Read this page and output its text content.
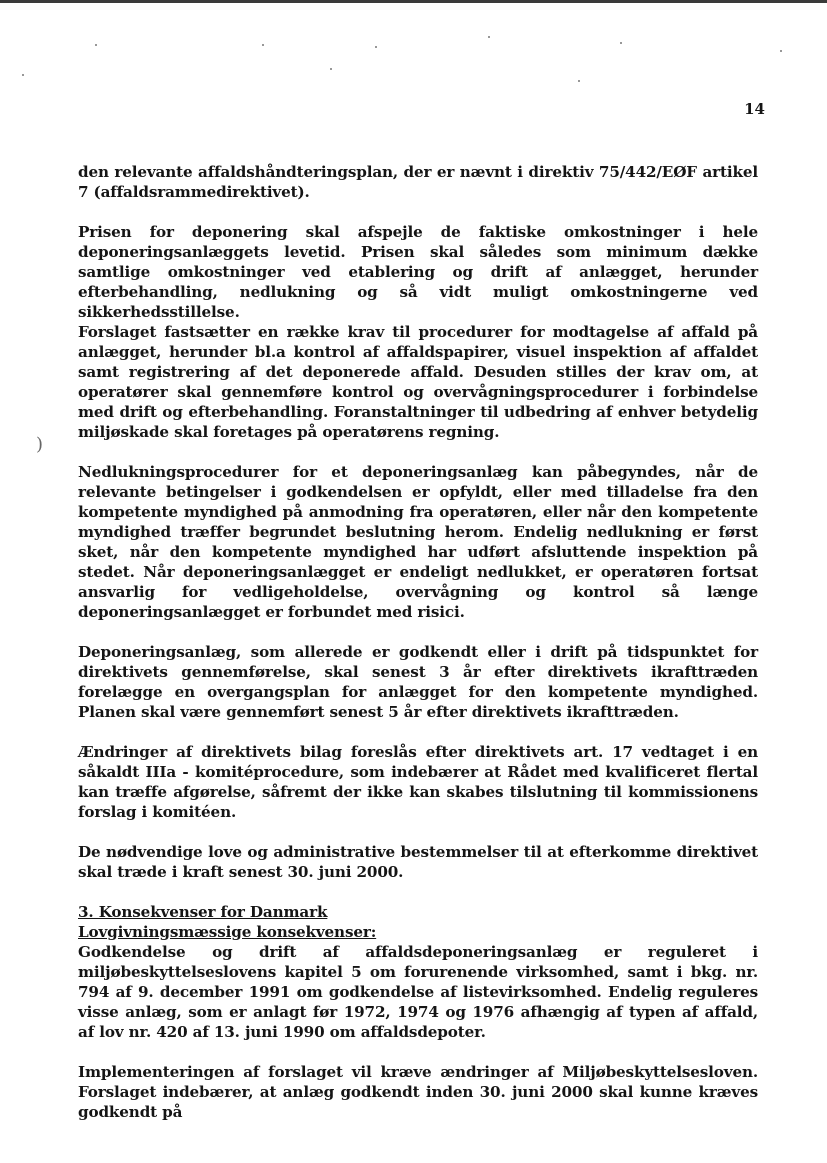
)
14

den relevante affaldshåndteringsplan, der er nævnt i direktiv 75/442/EØF artikel 7 (affaldsrammedirektivet).

Prisen for deponering skal afspejle de faktiske omkostninger i hele deponeringsanlæggets levetid. Prisen skal således som minimum dække samtlige omkostninger ved etablering og drift af anlægget, herunder efterbehandling, nedlukning og så vidt muligt omkostningerne ved sikkerhedsstillelse.

Forslaget fastsætter en række krav til procedurer for modtagelse af affald på anlægget, herunder bl.a kontrol af affaldspapirer, visuel inspektion af affaldet samt registrering af det deponerede affald. Desuden stilles der krav om, at operatører skal gennemføre kontrol og overvågningsprocedurer i forbindelse med drift og efterbehandling. Foranstaltninger til udbedring af enhver betydelig miljøskade skal foretages på operatørens regning.

Nedlukningsprocedurer for et deponeringsanlæg kan påbegyndes, når de relevante betingelser i godkendelsen er opfyldt, eller med tilladelse fra den kompetente myndighed på anmodning fra operatøren, eller når den kompetente myndighed træffer begrundet beslutning herom. Endelig nedlukning er først sket, når den kompetente myndighed har udført afsluttende inspektion på stedet. Når deponeringsanlægget er endeligt nedlukket, er operatøren fortsat ansvarlig for vedligeholdelse, overvågning og kontrol så længe deponeringsanlægget er forbundet med risici.

Deponeringsanlæg, som allerede er godkendt eller i drift på tidspunktet for direktivets gennemførelse, skal senest 3 år efter direktivets ikrafttræden forelægge en overgangsplan for anlægget for den kompetente myndighed. Planen skal være gennemført senest 5 år efter direktivets ikrafttræden.

Ændringer af direktivets bilag foreslås efter direktivets art. 17 vedtaget i en såkaldt IIIa - komitéprocedure, som indebærer at Rådet med kvalificeret flertal kan træffe afgørelse, såfremt der ikke kan skabes tilslutning til kommissionens forslag i komitéen.

De nødvendige love og administrative bestemmelser til at efterkomme direktivet skal træde i kraft senest 30. juni 2000.

3. Konsekvenser for Danmark

Lovgivningsmæssige konsekvenser:

Godkendelse og drift af affaldsdeponeringsanlæg er reguleret i miljøbeskyttelseslovens kapitel 5 om forurenende virksomhed, samt i bkg. nr. 794 af 9. december 1991 om godkendelse af listevirksomhed. Endelig reguleres visse anlæg, som er anlagt før 1972, 1974 og 1976 afhængig af typen af affald, af lov nr. 420 af 13. juni 1990 om affaldsdepoter.

Implementeringen af forslaget vil kræve ændringer af Miljøbeskyttelsesloven. Forslaget indebærer, at anlæg godkendt inden 30. juni 2000 skal kunne kræves godkendt på
